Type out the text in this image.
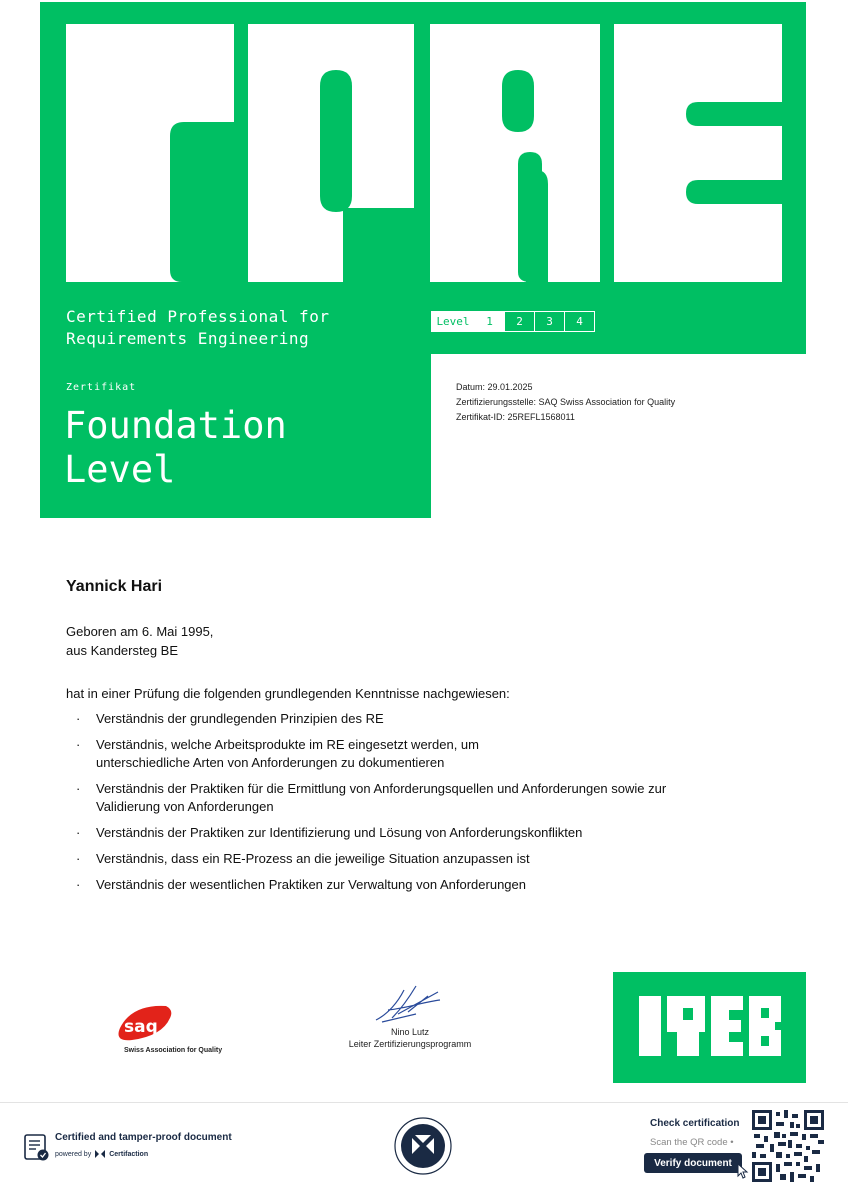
Certified Professional for
Requirements Engineering
Level	1	2	3	4
Zertifikat
Foundation
Level
Datum: 29.01.2025
Zertifizierungsstelle: SAQ Swiss Association for Quality
Zertifikat-ID: 25REFL1568011
Yannick Hari
Geboren am 6. Mai 1995,
aus Kandersteg BE
hat in einer Prüfung die folgenden grundlegenden Kenntnisse nachgewiesen:
· Verständnis der grundlegenden Prinzipien des RE
· Verständnis, welche Arbeitsprodukte im RE eingesetzt werden, um
unterschiedliche Arten von Anforderungen zu dokumentieren
· Verständnis der Praktiken für die Ermittlung von Anforderungsquellen und Anforderungen sowie zur
Validierung von Anforderungen
· Verständnis der Praktiken zur Identifizierung und Lösung von Anforderungskonflikten
· Verständnis, dass ein RE-Prozess an die jeweilige Situation anzupassen ist
· Verständnis der wesentlichen Praktiken zur Verwaltung von Anforderungen
saq
Swiss Association for Quality
Nino Lutz
Leiter Zertifizierungsprogramm
Certified and tamper-proof document
powered by	Certifaction
Check certification
Scan the QR code •
Verify document
